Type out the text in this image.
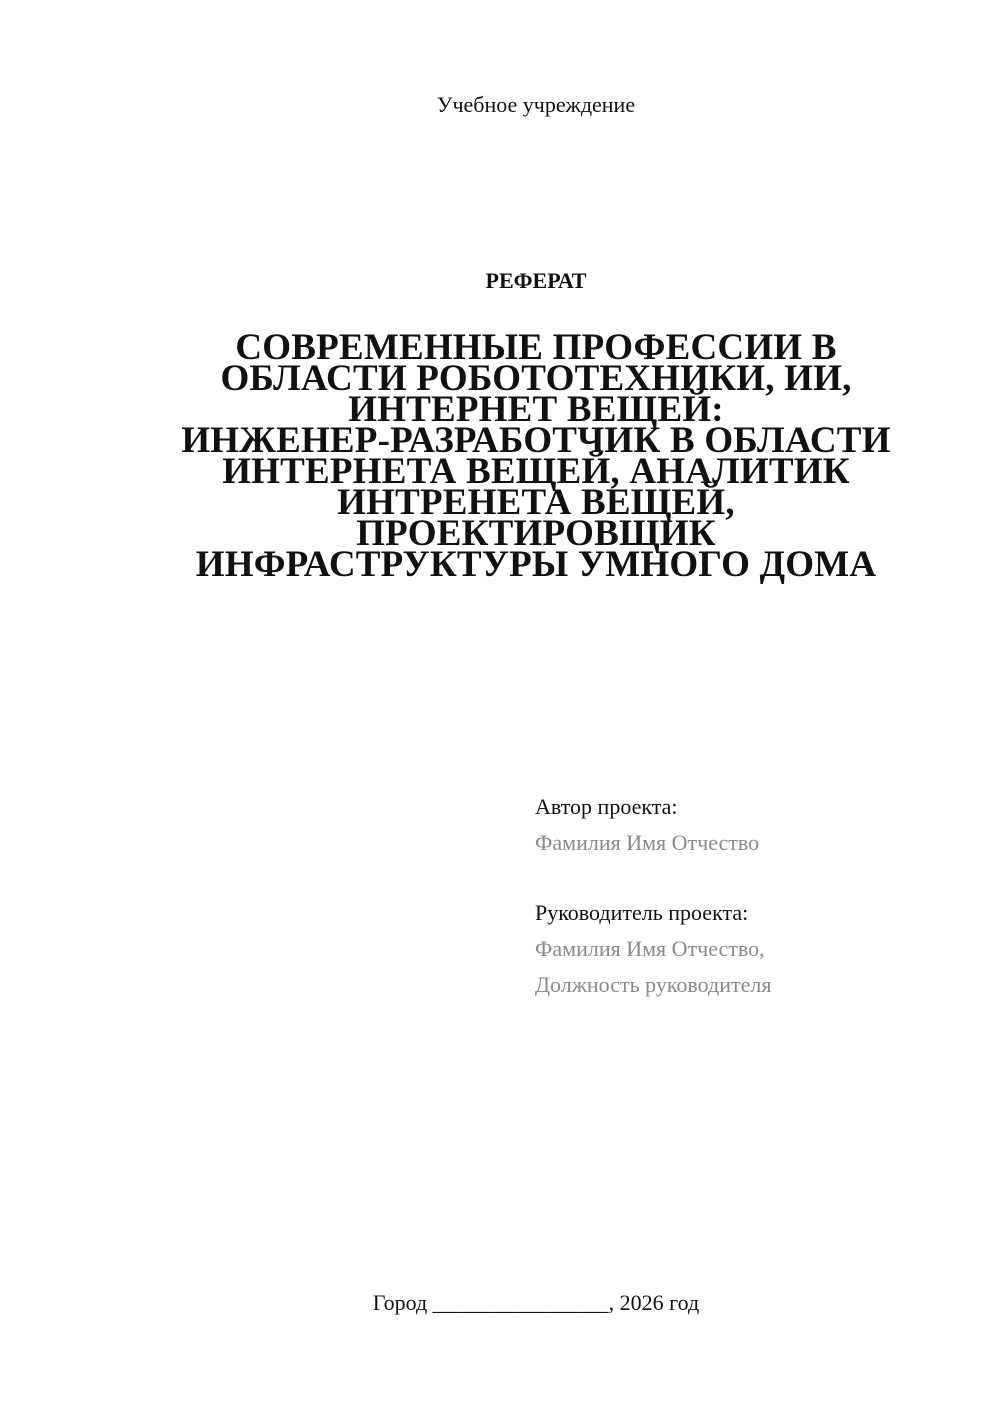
Учебное учреждение
РЕФЕРАТ
СОВРЕМЕННЫЕ ПРОФЕССИИ В
ОБЛАСТИ РОБОТОТЕХНИКИ, ИИ,
ИНТЕРНЕТ ВЕЩЕЙ:
ИНЖЕНЕР-РАЗРАБОТЧИК В ОБЛАСТИ
ИНТЕРНЕТА ВЕЩЕЙ, АНАЛИТИК
ИНТРЕНЕТА ВЕЩЕЙ,
ПРОЕКТИРОВЩИК
ИНФРАСТРУКТУРЫ УМНОГО ДОМА
Автор проекта:
Фамилия Имя Отчество
Руководитель проекта:
Фамилия Имя Отчество,
Должность руководителя
Город ________________, 2026 год
